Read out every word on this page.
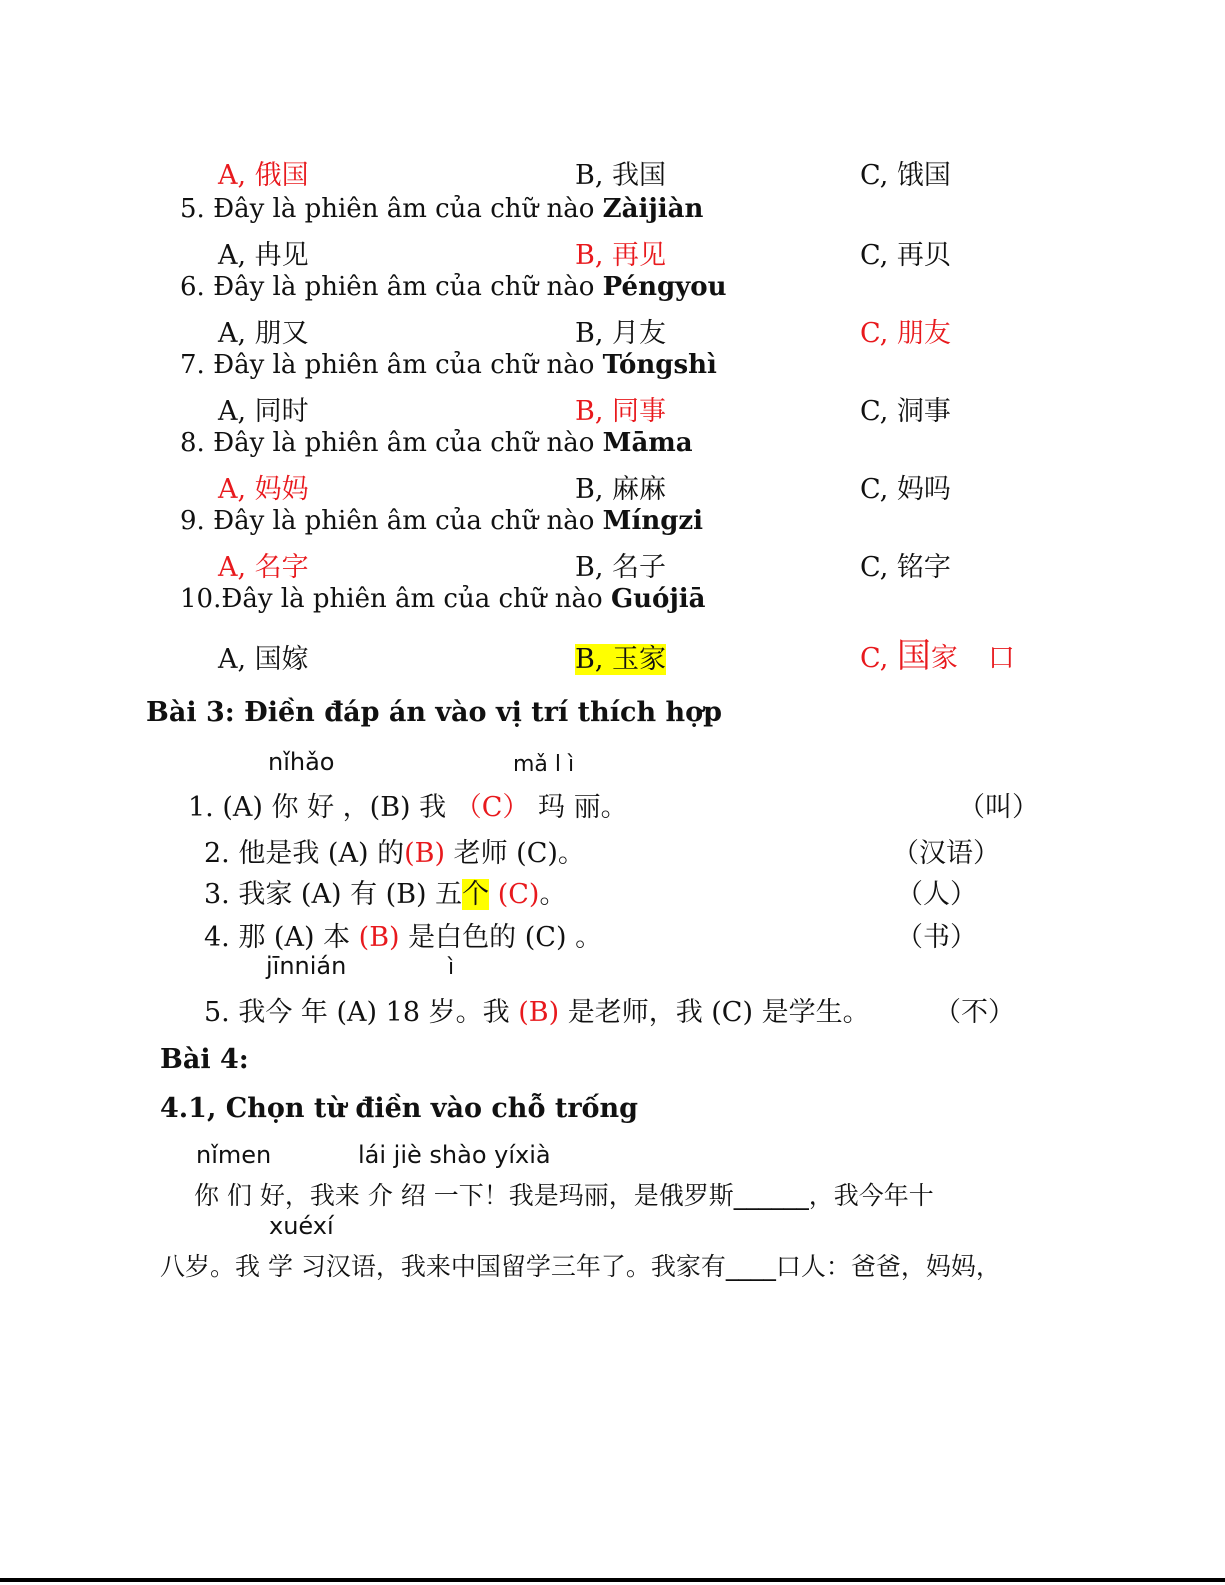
A, 俄国	B, 我国	C, 饿国
5. Đây là phiên âm của chữ nào Zàijiàn
A, 冉见	B, 再见	C, 再贝
6. Đây là phiên âm của chữ nào Péngyou
A, 朋又	B, 月友	C, 朋友
7. Đây là phiên âm của chữ nào Tóngshì
A, 同时	B, 同事	C, 洞事
8. Đây là phiên âm của chữ nào Māma
A, 妈妈	B, 麻麻	C, 妈吗
9. Đây là phiên âm của chữ nào Míngzi
A, 名字	B, 名子	C, 铭字
10.Đây là phiên âm của chữ nào Guójiā
A, 国嫁	B, 玉家	C, 国家 口
Bài 3: Điền đáp án vào vị trí thích hợp
nǐhǎo	mǎ l ì
1. (A) 你 好 ，(B) 我 （C） 玛 丽。	（叫）
2. 他是我 (A) 的(B) 老师 (C)。	（汉语）
3. 我家 (A) 有 (B) 五个 (C)。	（人）
4. 那 (A) 本 (B) 是白色的 (C) 。	（书）
jīnnián	ì
5. 我今 年 (A) 18 岁。我 (B) 是老师，我 (C) 是学生。 （不）
Bài 4:
4.1, Chọn từ điền vào chỗ trống
nǐmen	lái jiè shào yíxià
你 们 好，我来 介 绍 一下！我是玛丽，是俄罗斯______，我今年十
xuéxí
八岁。我 学 习汉语，我来中国留学三年了。我家有____口人：爸爸，妈妈，
